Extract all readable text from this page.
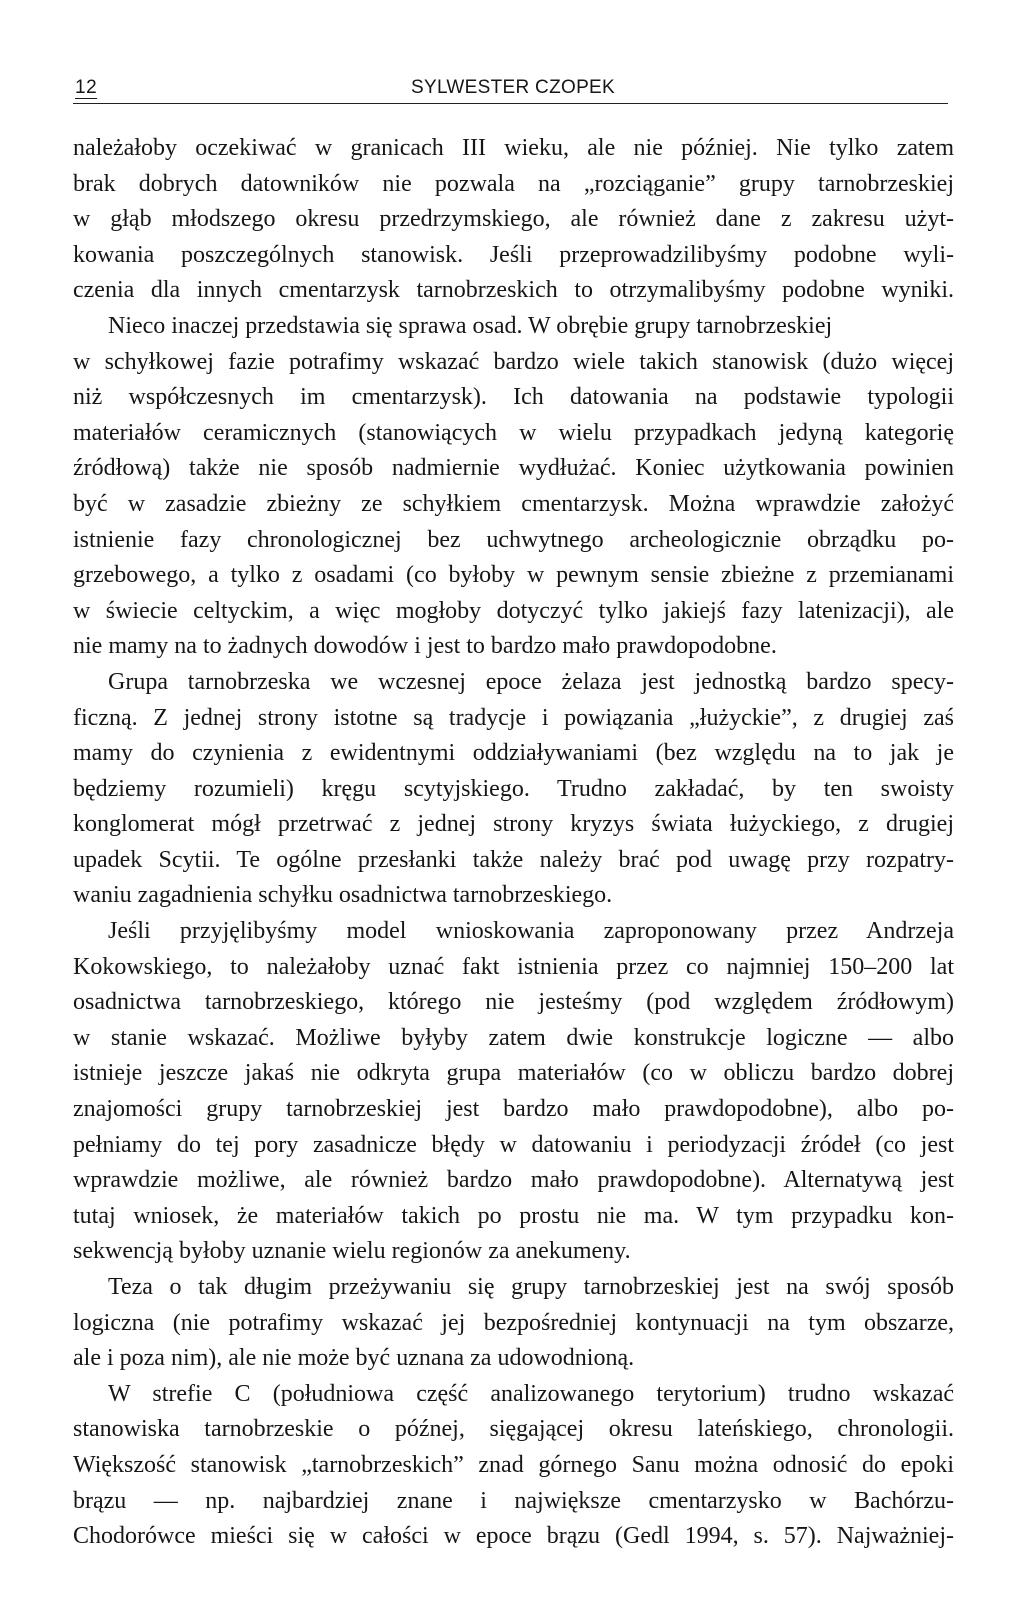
12	SYLWESTER CZOPEK
należałoby oczekiwać w granicach III wieku, ale nie później. Nie tylko zatem
brak dobrych datowników nie pozwala na „rozciąganie” grupy tarnobrzeskiej
w głąb młodszego okresu przedrzymskiego, ale również dane z zakresu użyt-
kowania poszczególnych stanowisk. Jeśli przeprowadzilibyśmy podobne wyli-
czenia dla innych cmentarzysk tarnobrzeskich to otrzymalibyśmy podobne wyniki.
Nieco inaczej przedstawia się sprawa osad. W obrębie grupy tarnobrzeskiej
w schyłkowej fazie potrafimy wskazać bardzo wiele takich stanowisk (dużo więcej
niż współczesnych im cmentarzysk). Ich datowania na podstawie typologii
materiałów ceramicznych (stanowiących w wielu przypadkach jedyną kategorię
źródłową) także nie sposób nadmiernie wydłużać. Koniec użytkowania powinien
być w zasadzie zbieżny ze schyłkiem cmentarzysk. Można wprawdzie założyć
istnienie fazy chronologicznej bez uchwytnego archeologicznie obrządku po-
grzebowego, a tylko z osadami (co byłoby w pewnym sensie zbieżne z przemianami
w świecie celtyckim, a więc mogłoby dotyczyć tylko jakiejś fazy latenizacji), ale
nie mamy na to żadnych dowodów i jest to bardzo mało prawdopodobne.
Grupa tarnobrzeska we wczesnej epoce żelaza jest jednostką bardzo specy-
ficzną. Z jednej strony istotne są tradycje i powiązania „łużyckie”, z drugiej zaś
mamy do czynienia z ewidentnymi oddziaływaniami (bez względu na to jak je
będziemy rozumieli) kręgu scytyjskiego. Trudno zakładać, by ten swoisty
konglomerat mógł przetrwać z jednej strony kryzys świata łużyckiego, z drugiej
upadek Scytii. Te ogólne przesłanki także należy brać pod uwagę przy rozpatry-
waniu zagadnienia schyłku osadnictwa tarnobrzeskiego.
Jeśli przyjęlibyśmy model wnioskowania zaproponowany przez Andrzeja
Kokowskiego, to należałoby uznać fakt istnienia przez co najmniej 150–200 lat
osadnictwa tarnobrzeskiego, którego nie jesteśmy (pod względem źródłowym)
w stanie wskazać. Możliwe byłyby zatem dwie konstrukcje logiczne — albo
istnieje jeszcze jakaś nie odkryta grupa materiałów (co w obliczu bardzo dobrej
znajomości grupy tarnobrzeskiej jest bardzo mało prawdopodobne), albo po-
pełniamy do tej pory zasadnicze błędy w datowaniu i periodyzacji źródeł (co jest
wprawdzie możliwe, ale również bardzo mało prawdopodobne). Alternatywą jest
tutaj wniosek, że materiałów takich po prostu nie ma. W tym przypadku kon-
sekwencją byłoby uznanie wielu regionów za anekumeny.
Teza o tak długim przeżywaniu się grupy tarnobrzeskiej jest na swój sposób
logiczna (nie potrafimy wskazać jej bezpośredniej kontynuacji na tym obszarze,
ale i poza nim), ale nie może być uznana za udowodnioną.
W strefie C (południowa część analizowanego terytorium) trudno wskazać
stanowiska tarnobrzeskie o późnej, sięgającej okresu lateńskiego, chronologii.
Większość stanowisk „tarnobrzeskich” znad górnego Sanu można odnosić do epoki
brązu — np. najbardziej znane i największe cmentarzysko w Bachórzu-
Chodorówce mieści się w całości w epoce brązu (Gedl 1994, s. 57). Najważniej-
